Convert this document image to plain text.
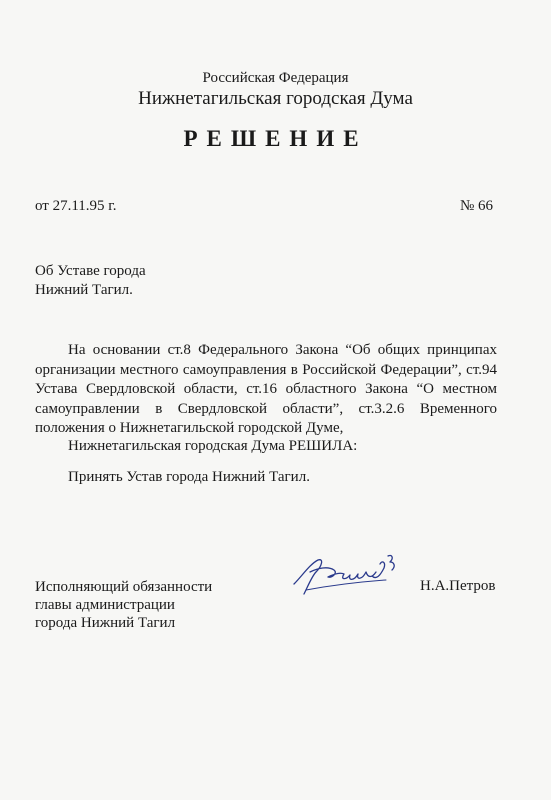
Российская Федерация
Нижнетагильская городская Дума
РЕШЕНИЕ
от 27.11.95 г.	№ 66
Об Уставе города
Нижний Тагил.

На основании ст.8 Федерального Закона “Об общих принципах организации местного самоуправления в Российской Федерации”, ст.94 Устава Свердловской области, ст.16 областного Закона “О местном самоуправлении в Свердловской области”, ст.3.2.6 Временного положения о Нижнетагильской городской Думе,

Нижнетагильская городская Дума РЕШИЛА:
Принять Устав города Нижний Тагил.
Исполняющий обязанности
главы администрации
города Нижний Тагил
Н.А.Петров
